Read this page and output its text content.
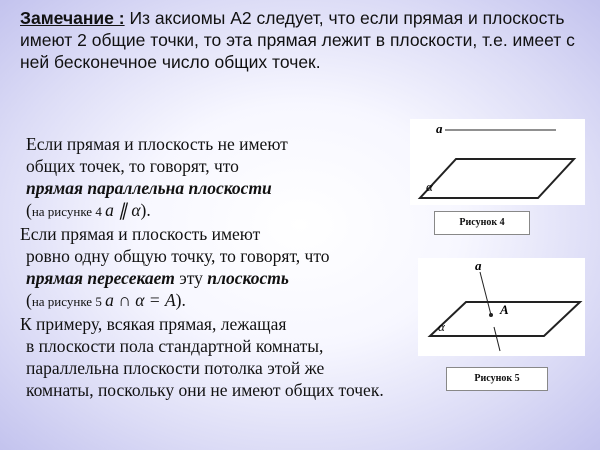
Замечание : Из аксиомы А2 следует, что если прямая и плоскость имеют 2 общие точки, то эта прямая лежит в плоскости, т.е. имеет с ней бесконечное число общих точек.
Если прямая и плоскость не имеют
общих точек, то говорят, что
прямая параллельна плоскости
(на рисунке 4 a ∥ α).
Если прямая и плоскость имеют
ровно одну общую точку, то говорят, что
прямая пересекает эту плоскость
(на рисунке 5 a ∩ α = A).
К примеру, всякая прямая, лежащая
в плоскости пола стандартной комнаты,
параллельна плоскости потолка этой же
комнаты, поскольку они не имеют общих точек.
a
α
Рисунок 4
a
A
α
Рисунок 5
